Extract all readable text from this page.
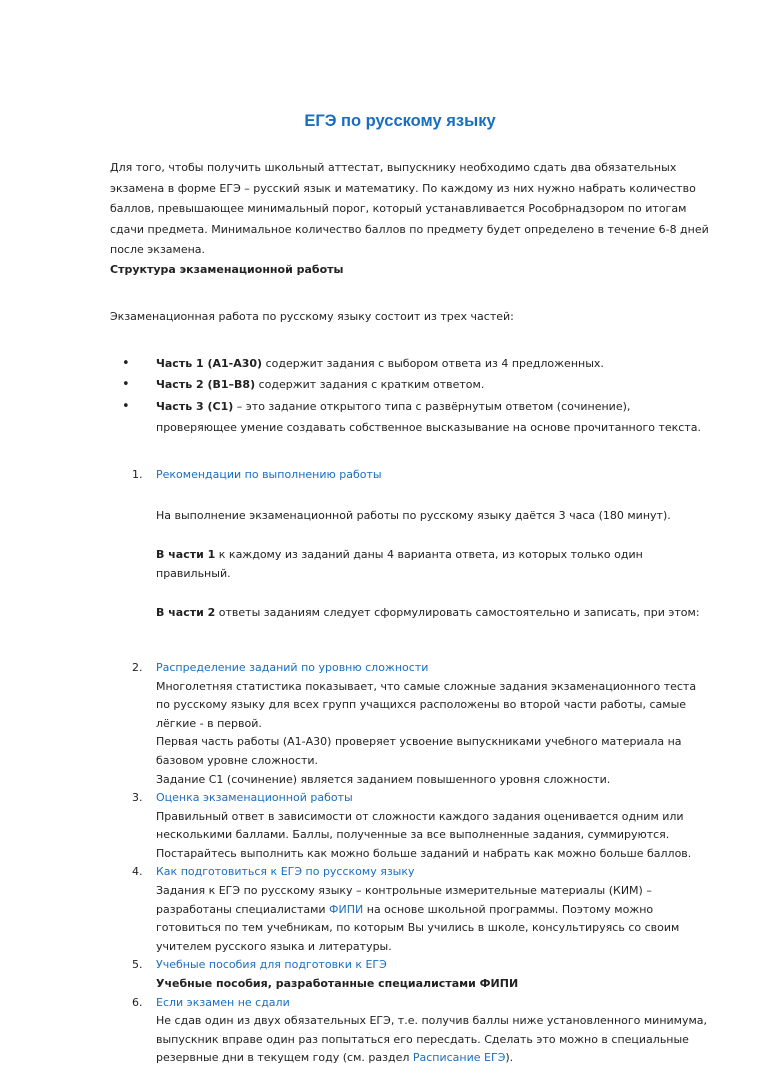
ЕГЭ по русскому языку

Для того, чтобы получить школьный аттестат, выпускнику необходимо сдать два обязательных экзамена в форме ЕГЭ – русский язык и математику. По каждому из них нужно набрать количество баллов, превышающее минимальный порог, который устанавливается Рособрнадзором по итогам сдачи предмета. Минимальное количество баллов по предмету будет определено в течение 6-8 дней после экзамена.

Структура экзаменационной работы

Экзаменационная работа по русскому языку состоит из трех частей:

• Часть 1 (А1-А30) содержит задания с выбором ответа из 4 предложенных.
• Часть 2 (B1–B8) содержит задания с кратким ответом.
• Часть 3 (С1) – это задание открытого типа с развёрнутым ответом (сочинение), проверяющее умение создавать собственное высказывание на основе прочитанного текста.
1. Рекомендации по выполнению работы
На выполнение экзаменационной работы по русскому языку даётся 3 часа (180 минут).
В части 1 к каждому из заданий даны 4 варианта ответа, из которых только один правильный.
В части 2 ответы заданиям следует сформулировать самостоятельно и записать, при этом:
2. Распределение заданий по уровню сложности
Многолетняя статистика показывает, что самые сложные задания экзаменационного теста по русскому языку для всех групп учащихся расположены во второй части работы, самые лёгкие - в первой.
Первая часть работы (А1-А30) проверяет усвоение выпускниками учебного материала на базовом уровне сложности.
Задание С1 (сочинение) является заданием повышенного уровня сложности.
3. Оценка экзаменационной работы
Правильный ответ в зависимости от сложности каждого задания оценивается одним или несколькими баллами. Баллы, полученные за все выполненные задания, суммируются. Постарайтесь выполнить как можно больше заданий и набрать как можно больше баллов.
4. Как подготовиться к ЕГЭ по русскому языку
Задания к ЕГЭ по русскому языку – контрольные измерительные материалы (КИМ) – разработаны специалистами ФИПИ на основе школьной программы. Поэтому можно готовиться по тем учебникам, по которым Вы учились в школе, консультируясь со своим учителем русского языка и литературы.
5. Учебные пособия для подготовки к ЕГЭ
Учебные пособия, разработанные специалистами ФИПИ
6. Если экзамен не сдали
Не сдав один из двух обязательных ЕГЭ, т.е. получив баллы ниже установленного минимума, выпускник вправе один раз попытаться его пересдать. Сделать это можно в специальные резервные дни в текущем году (см. раздел Расписание ЕГЭ).
